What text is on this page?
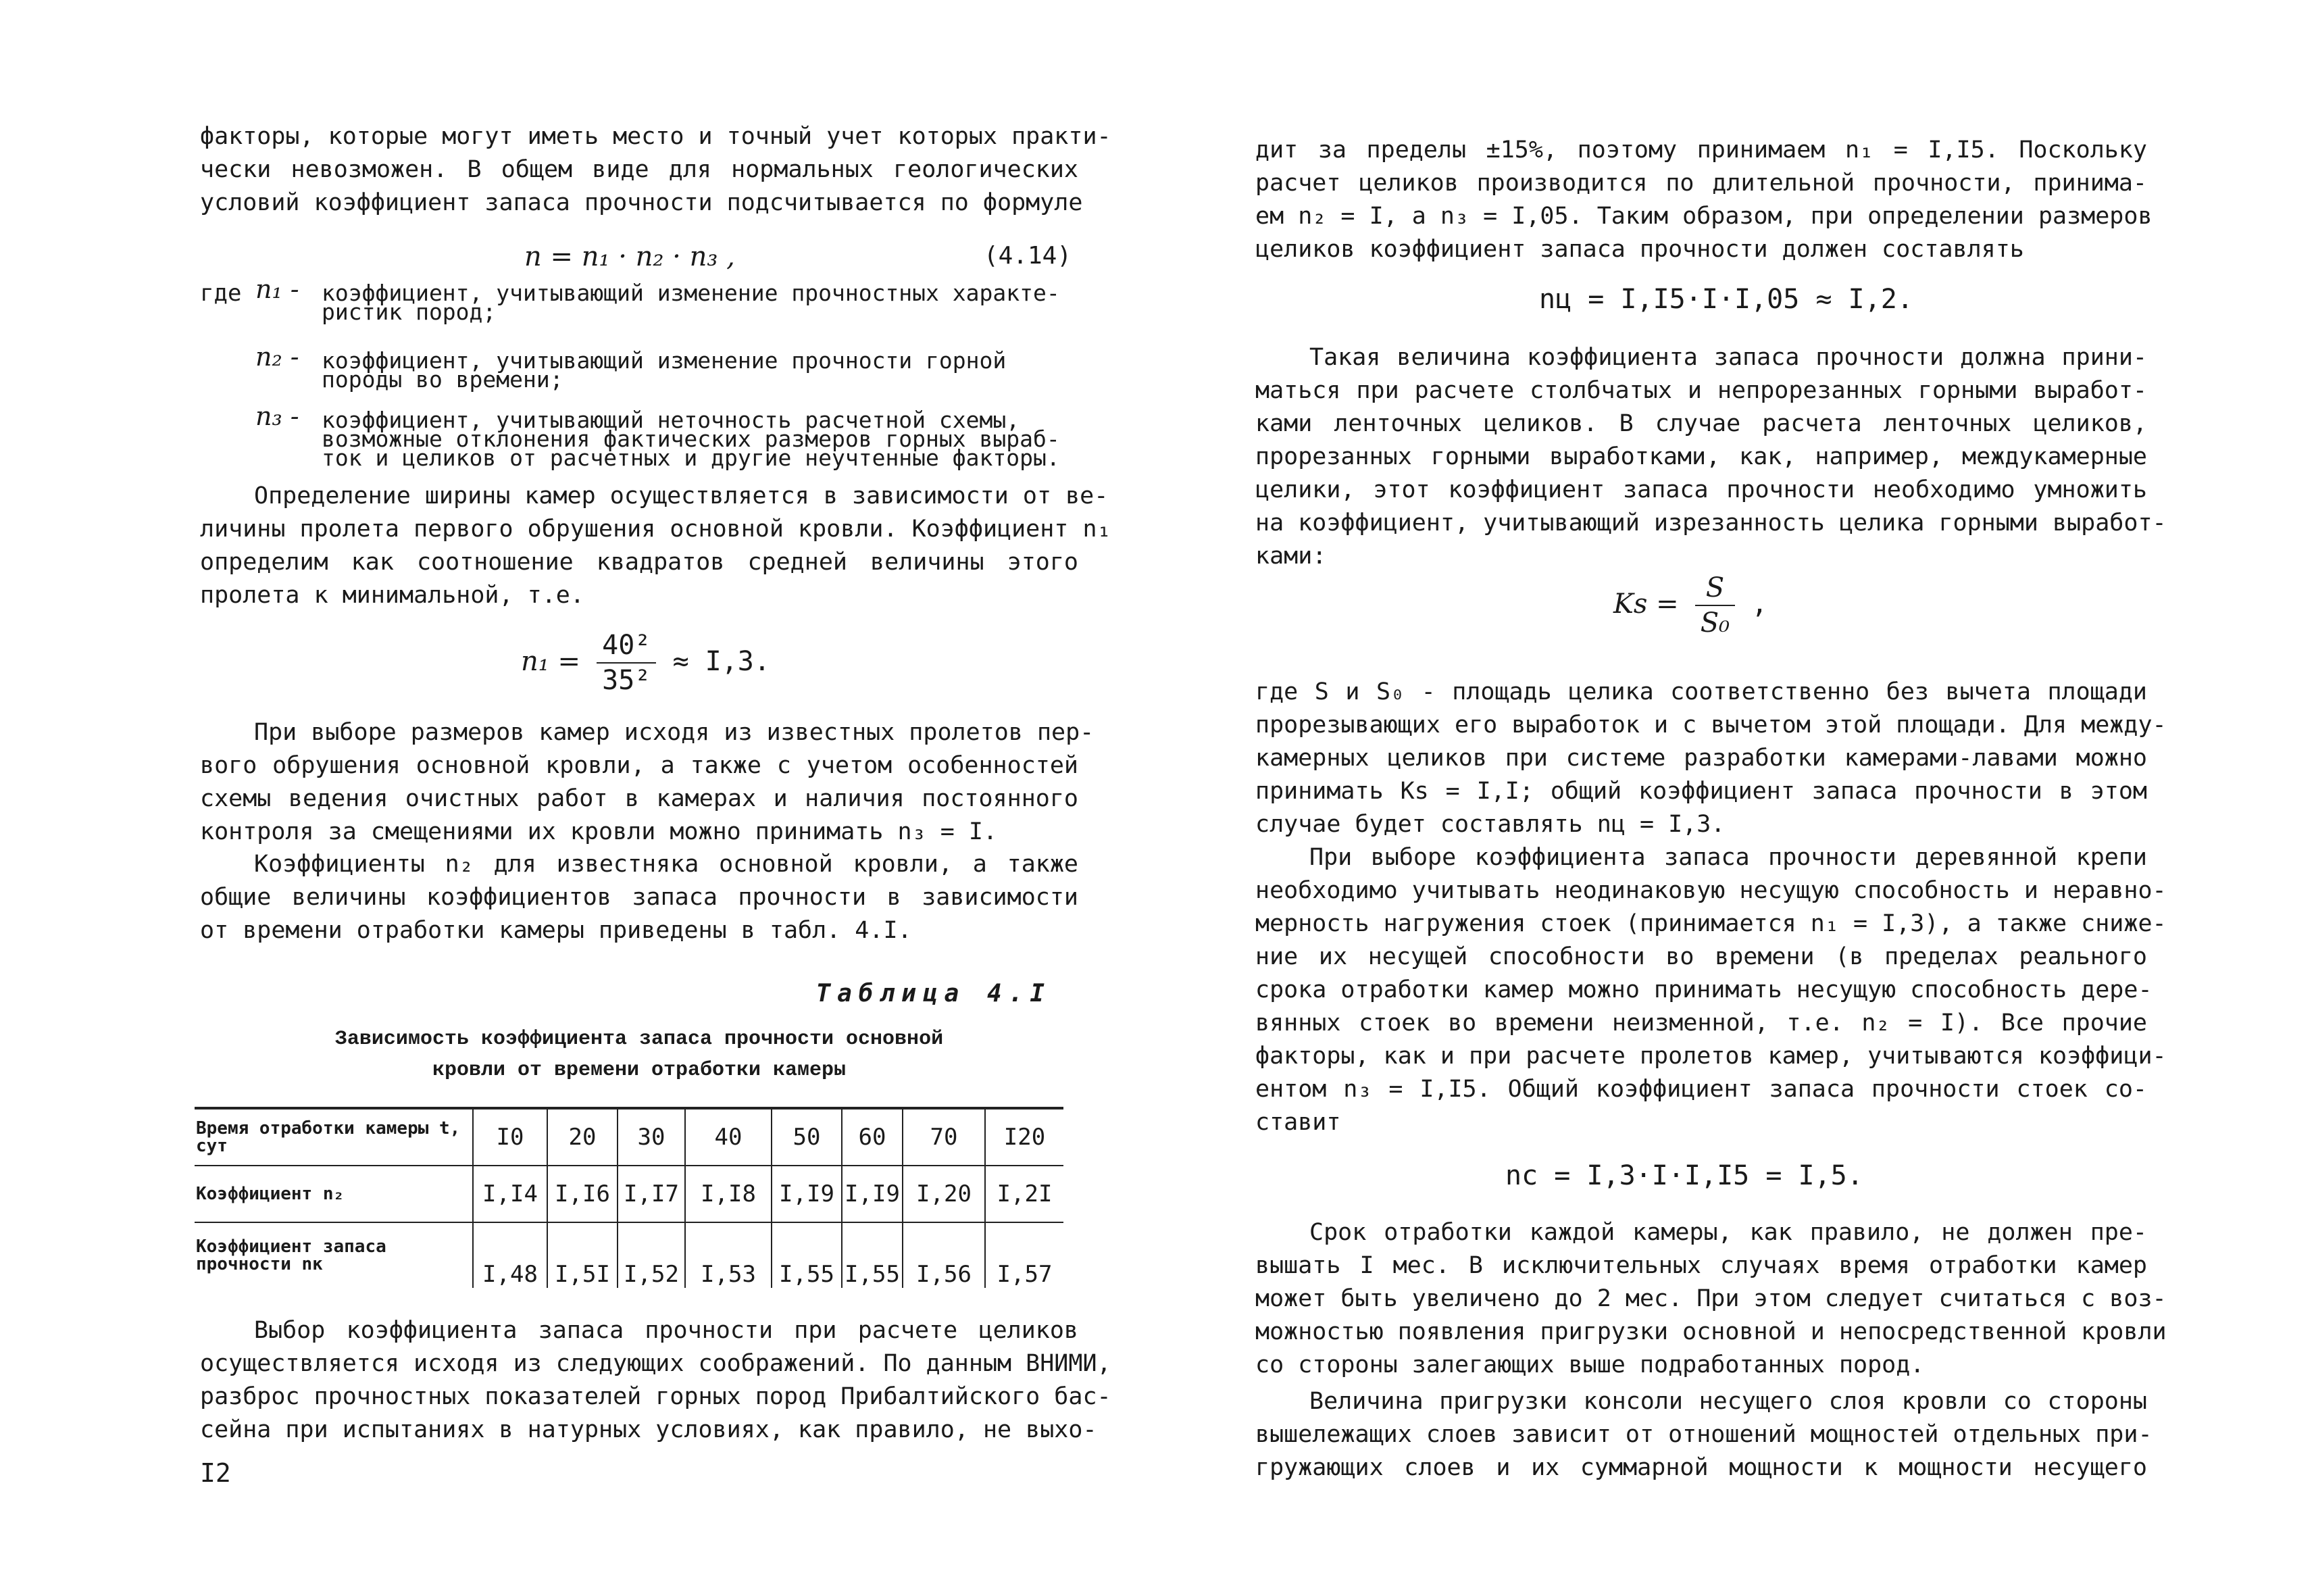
факторы, которые могут иметь место и точный учет которых практи-
чески невозможен. В общем виде для нормальных геологических
условий коэффициент запаса прочности подсчитывается по формуле
n = n₁ · n₂ · n₃ ,	(4.14)
где n₁ - коэффициент, учитывающий изменение прочностных характе-
ристик пород;
n₂ - коэффициент, учитывающий изменение прочности горной
породы во времени;
n₃ - коэффициент, учитывающий неточность расчетной схемы,
возможные отклонения фактических размеров горных выраб-
ток и целиков от расчетных и другие неучтенные факторы.
Определение ширины камер осуществляется в зависимости от ве-
личины пролета первого обрушения основной кровли. Коэффициент n₁
определим как соотношение квадратов средней величины этого
пролета к минимальной, т.е.
$n_1 = \frac{\text{40²}}{\text{35²}} \approx I,3$.
При выборе размеров камер исходя из известных пролетов пер-
вого обрушения основной кровли, а также с учетом особенностей
схемы ведения очистных работ в камерах и наличия постоянного
контроля за смещениями их кровли можно принимать n₃ = I.
Коэффициенты n₂ для известняка основной кровли, а также
общие величины коэффициентов запаса прочности в зависимости
от времени отработки камеры приведены в табл. 4.I.
Таблица 4.I
Зависимость коэффициента запаса прочности основной
кровли от времени отработки камеры
Время отработки камеры t, сут	I0	20	30	40	50	60	70	I20
Коэффициент n₂	I,I4	I,I6	I,I7	I,I8	I,I9	I,I9	I,20	I,2I
Коэффициент запаса прочности nк	I,48	I,5I	I,52	I,53	I,55	I,55	I,56	I,57
Выбор коэффициента запаса прочности при расчете целиков
осуществляется исходя из следующих соображений. По данным ВНИМИ,
разброс прочностных показателей горных пород Прибалтийского бас-
сейна при испытаниях в натурных условиях, как правило, не выхо-
I2
дит за пределы ±15%, поэтому принимаем n₁ = I,I5. Поскольку
расчет целиков производится по длительной прочности, принима-
ем n₂ = I, а n₃ = I,05. Таким образом, при определении размеров
целиков коэффициент запаса прочности должен составлять
nц = I,I5·I·I,05 ≈ I,2.
Такая величина коэффициента запаса прочности должна прини-
маться при расчете столбчатых и непрорезанных горными выработ-
ками ленточных целиков. В случае расчета ленточных целиков,
прорезанных горными выработками, как, например, междукамерные
целики, этот коэффициент запаса прочности необходимо умножить
на коэффициент, учитывающий изрезанность целика горными выработ-
ками:
$Ks = \frac{S}{\text{S₀}}$ ,
где S и S₀ - площадь целика соответственно без вычета площади
прорезывающих его выработок и с вычетом этой площади. Для между-
камерных целиков при системе разработки камерами-лавами можно
принимать Ks = I,I; общий коэффициент запаса прочности в этом
случае будет составлять nц = I,3.
При выборе коэффициента запаса прочности деревянной крепи
необходимо учитывать неодинаковую несущую способность и неравно-
мерность нагружения стоек (принимается n₁ = I,3), а также сниже-
ние их несущей способности во времени (в пределах реального
срока отработки камер можно принимать несущую способность дере-
вянных стоек во времени неизменной, т.е. n₂ = I). Все прочие
факторы, как и при расчете пролетов камер, учитываются коэффици-
ентом n₃ = I,I5. Общий коэффициент запаса прочности стоек со-
ставит
nс = I,3·I·I,I5 = I,5.
Срок отработки каждой камеры, как правило, не должен пре-
вышать I мес. В исключительных случаях время отработки камер
может быть увеличено до 2 мес. При этом следует считаться с воз-
можностью появления пригрузки основной и непосредственной кровли
со стороны залегающих выше подработанных пород.
Величина пригрузки консоли несущего слоя кровли со стороны
вышележащих слоев зависит от отношений мощностей отдельных при-
гружающих слоев и их суммарной мощности к мощности несущего
